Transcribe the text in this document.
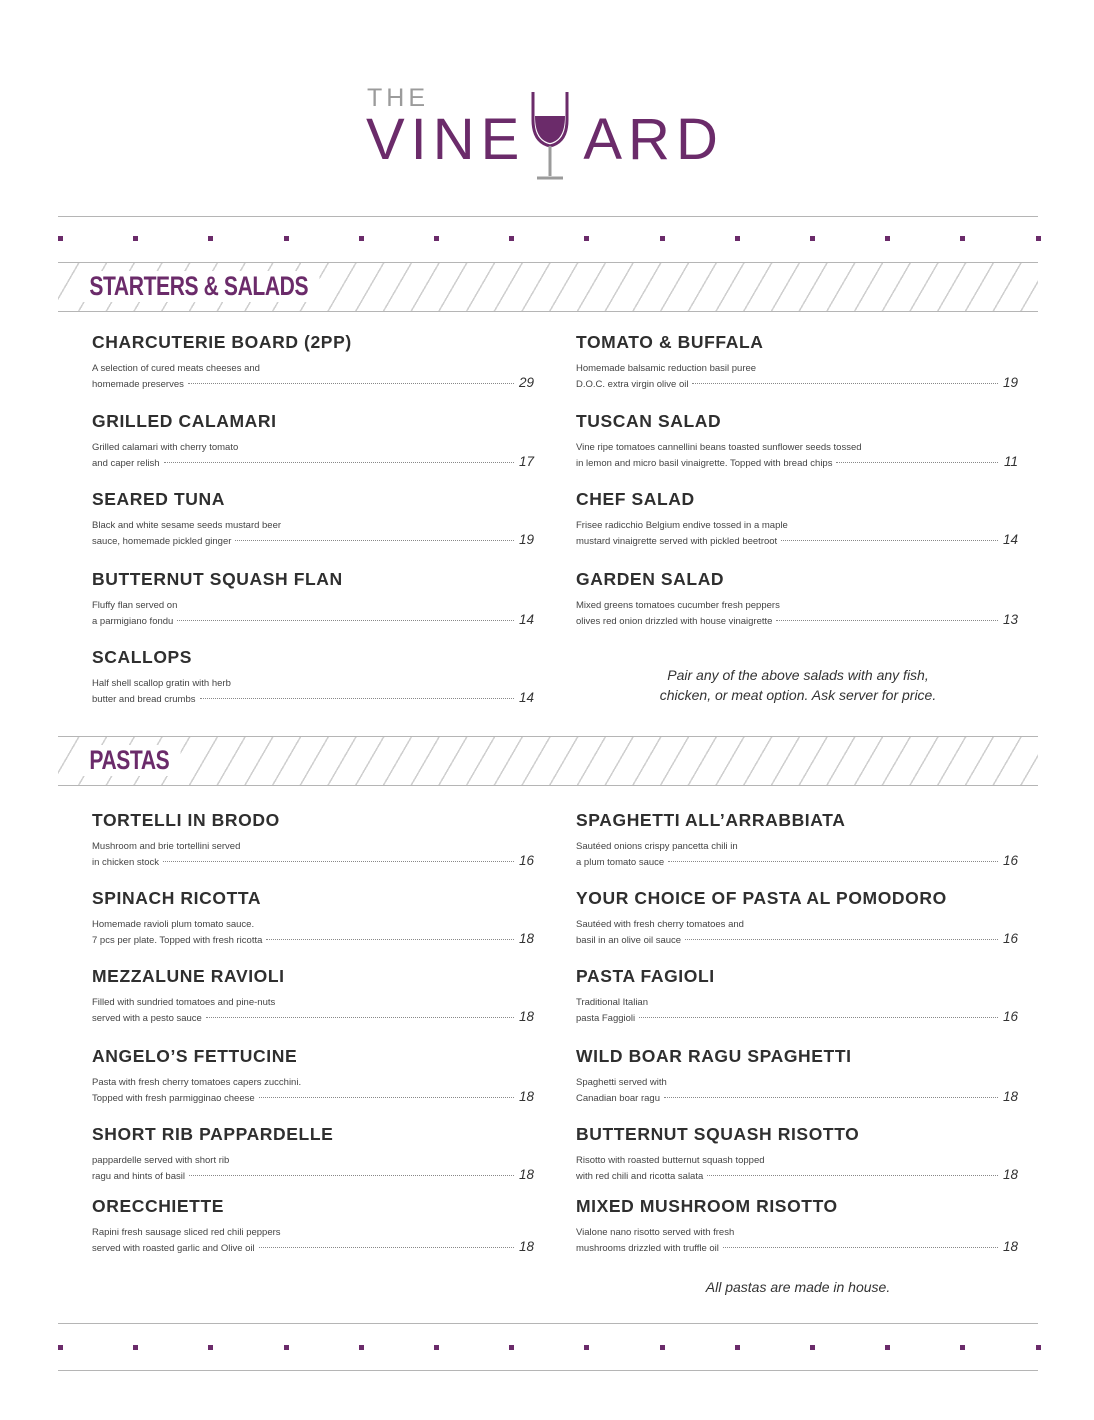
THE
VINE ARD
STARTERS & SALADS
CHARCUTERIE BOARD (2PP)
A selection of cured meats cheeses and
homemade preserves	29
GRILLED CALAMARI
Grilled calamari with cherry tomato
and caper relish	17
SEARED TUNA
Black and white sesame seeds mustard beer
sauce, homemade pickled ginger	19
BUTTERNUT SQUASH FLAN
Fluffy flan served on
a parmigiano fondu	14
SCALLOPS
Half shell scallop gratin with herb
butter and bread crumbs	14
TOMATO & BUFFALA
Homemade balsamic reduction basil puree
D.O.C. extra virgin olive oil	19
TUSCAN SALAD
Vine ripe tomatoes cannellini beans toasted sunflower seeds tossed
in lemon and micro basil vinaigrette. Topped with bread chips	11
CHEF SALAD
Frisee radicchio Belgium endive tossed in a maple
mustard vinaigrette served with pickled beetroot	14
GARDEN SALAD
Mixed greens tomatoes cucumber fresh peppers
olives red onion drizzled with house vinaigrette	13
Pair any of the above salads with any fish,
chicken, or meat option. Ask server for price.
PASTAS
TORTELLI IN BRODO
Mushroom and brie tortellini served
in chicken stock	16
SPINACH RICOTTA
Homemade ravioli plum tomato sauce.
7 pcs per plate. Topped with fresh ricotta	18
MEZZALUNE RAVIOLI
Filled with sundried tomatoes and pine-nuts
served with a pesto sauce	18
ANGELO’S FETTUCINE
Pasta with fresh cherry tomatoes capers zucchini.
Topped with fresh parmigginao cheese	18
SHORT RIB PAPPARDELLE
pappardelle served with short rib
ragu and hints of basil	18
ORECCHIETTE
Rapini fresh sausage sliced red chili peppers
served with roasted garlic and Olive oil	18
SPAGHETTI ALL’ARRABBIATA
Sautéed onions crispy pancetta chili in
a plum tomato sauce	16
YOUR CHOICE OF PASTA AL POMODORO
Sautéed with fresh cherry tomatoes and
basil in an olive oil sauce	16
PASTA FAGIOLI
Traditional Italian
pasta Faggioli	16
WILD BOAR RAGU SPAGHETTI
Spaghetti served with
Canadian boar ragu	18
BUTTERNUT SQUASH RISOTTO
Risotto with roasted butternut squash topped
with red chili and ricotta salata	18
MIXED MUSHROOM RISOTTO
Vialone nano risotto served with fresh
mushrooms drizzled with truffle oil	18
All pastas are made in house.
